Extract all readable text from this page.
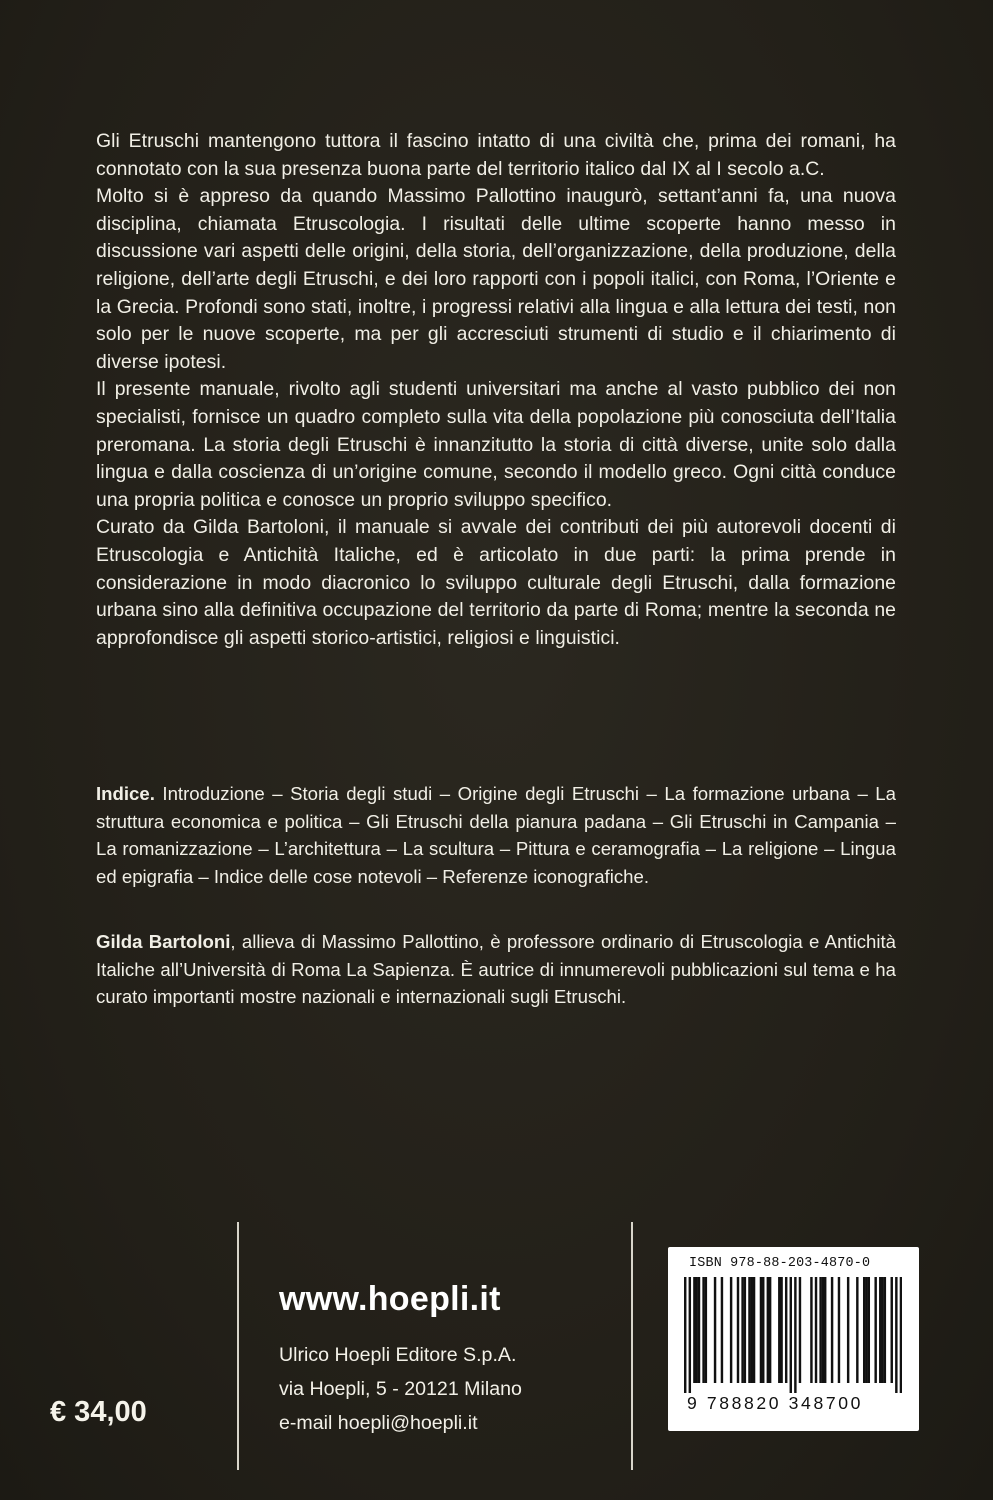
Gli Etruschi mantengono tuttora il fascino intatto di una civiltà che, prima dei romani, ha connotato con la sua presenza buona parte del territorio italico dal IX al I secolo a.C.

Molto si è appreso da quando Massimo Pallottino inaugurò, settant’anni fa, una nuova disciplina, chiamata Etruscologia. I risultati delle ultime scoperte hanno messo in discussione vari aspetti delle origini, della storia, dell’organizzazione, della produzione, della religione, dell’arte degli Etruschi, e dei loro rapporti con i popoli italici, con Roma, l’Oriente e la Grecia. Profondi sono stati, inoltre, i progressi relativi alla lingua e alla lettura dei testi, non solo per le nuove scoperte, ma per gli accresciuti strumenti di studio e il chiarimento di diverse ipotesi.

Il presente manuale, rivolto agli studenti universitari ma anche al vasto pubblico dei non specialisti, fornisce un quadro completo sulla vita della popolazione più conosciuta dell’Italia preromana. La storia degli Etruschi è innanzitutto la storia di città diverse, unite solo dalla lingua e dalla coscienza di un’origine comune, secondo il modello greco. Ogni città conduce una propria politica e conosce un proprio sviluppo specifico.

Curato da Gilda Bartoloni, il manuale si avvale dei contributi dei più autorevoli docenti di Etruscologia e Antichità Italiche, ed è articolato in due parti: la prima prende in considerazione in modo diacronico lo sviluppo culturale degli Etruschi, dalla formazione urbana sino alla definitiva occupazione del territorio da parte di Roma; mentre la seconda ne approfondisce gli aspetti storico-artistici, religiosi e linguistici.

Indice. Introduzione – Storia degli studi – Origine degli Etruschi – La formazione urbana – La struttura economica e politica – Gli Etruschi della pianura padana – Gli Etruschi in Campania – La romanizzazione – L’architettura – La scultura – Pittura e ceramografia – La religione – Lingua ed epigrafia – Indice delle cose notevoli – Referenze iconografiche.
Gilda Bartoloni, allieva di Massimo Pallottino, è professore ordinario di Etruscologia e Antichità Italiche all’Università di Roma La Sapienza. È autrice di innumerevoli pubblicazioni sul tema e ha curato importanti mostre nazionali e internazionali sugli Etruschi.
€ 34,00
www.hoepli.it
Ulrico Hoepli Editore S.p.A.
via Hoepli, 5 - 20121 Milano
e-mail hoepli@hoepli.it
ISBN 978-88-203-4870-0
9 788820 348700
